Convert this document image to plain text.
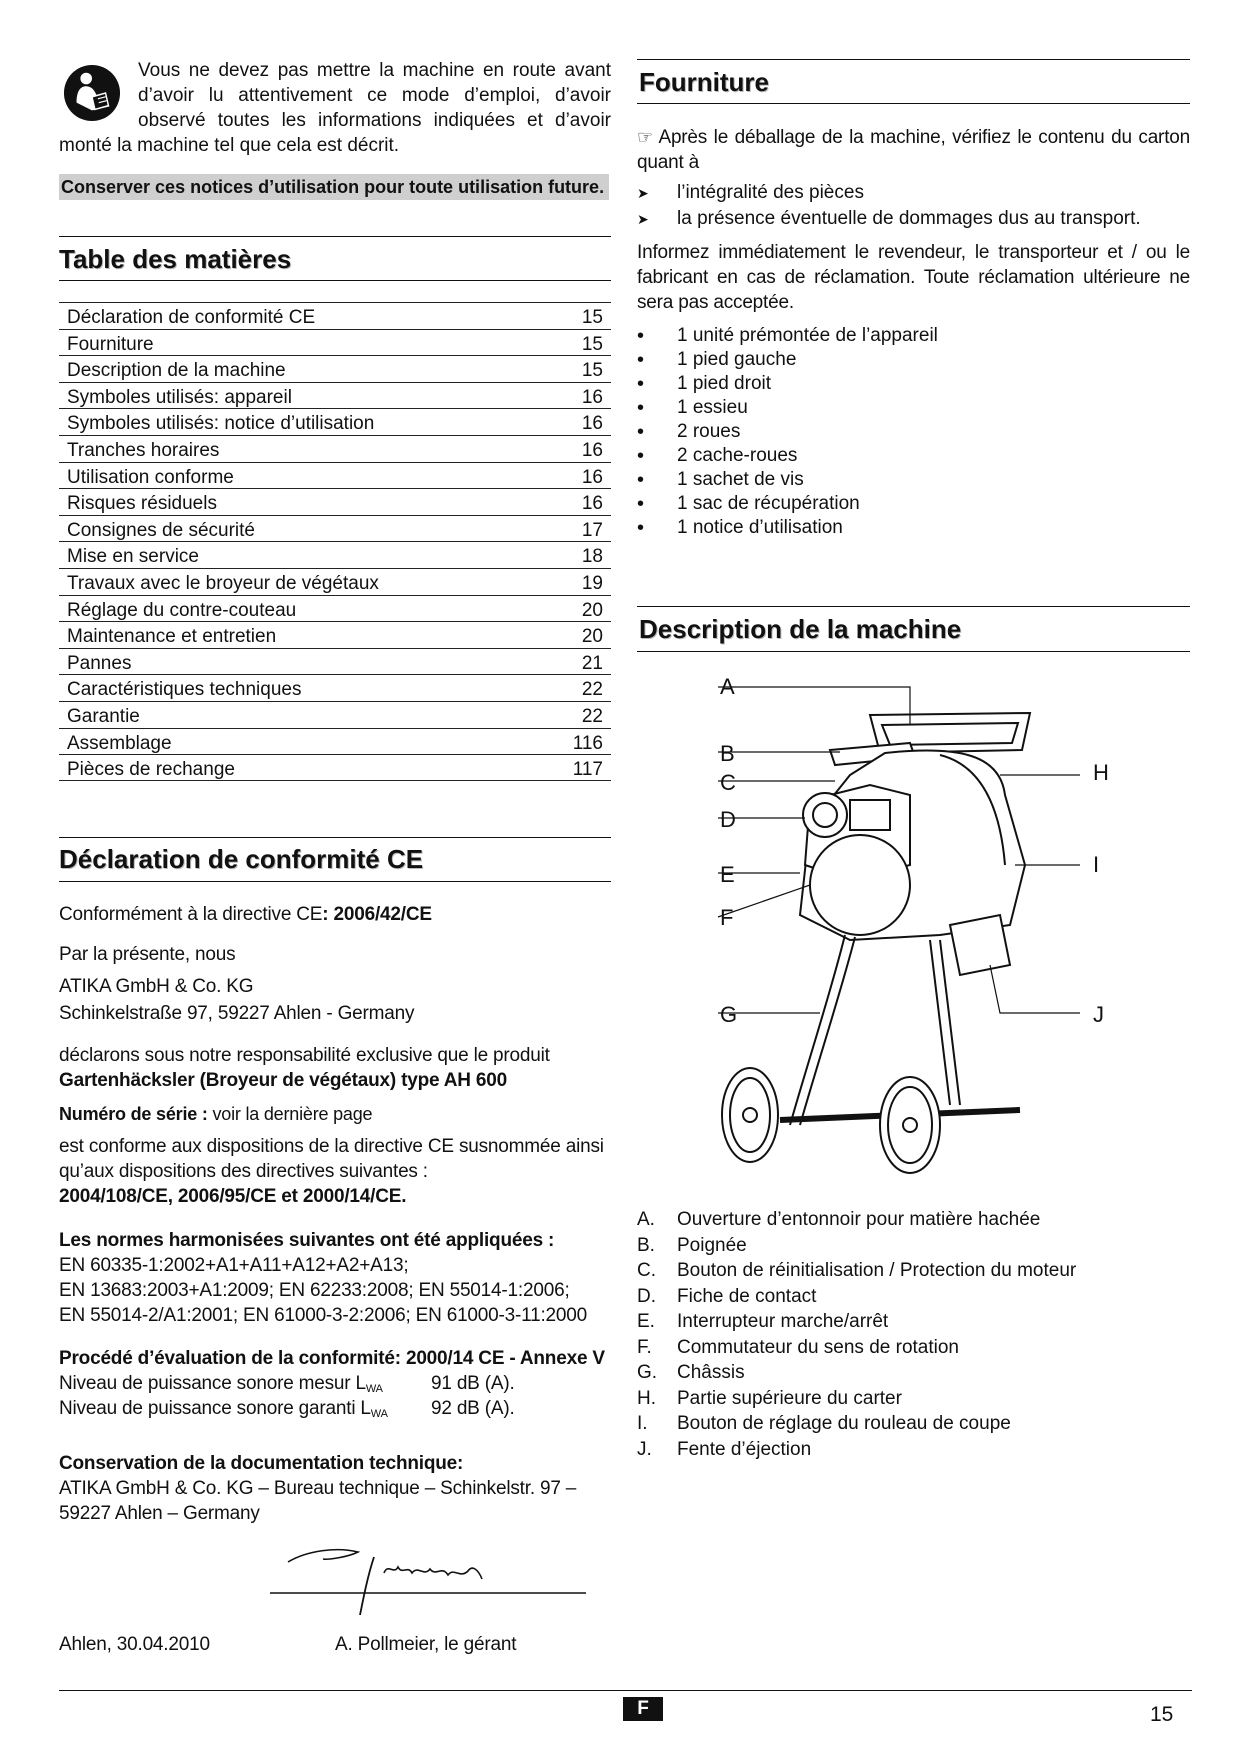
Vous ne devez pas mettre la machine en route avant d’avoir lu attentivement ce mode d’emploi, d’avoir observé toutes les informations indiquées et d’avoir monté la machine tel que cela est décrit.
Conserver ces notices d’utilisation pour toute utilisation future.
Table des matières
Déclaration de conformité CE	15
Fourniture	15
Description de la machine	15
Symboles utilisés: appareil	16
Symboles utilisés: notice d’utilisation	16
Tranches horaires	16
Utilisation conforme	16
Risques résiduels	16
Consignes de sécurité	17
Mise en service	18
Travaux avec le broyeur de végétaux	19
Réglage du contre-couteau	20
Maintenance et entretien	20
Pannes	21
Caractéristiques techniques	22
Garantie	22
Assemblage	116
Pièces de rechange	117
Déclaration de conformité CE
Conformément à la directive CE: 2006/42/CE
Par la présente, nous
ATIKA GmbH & Co. KG
Schinkelstraße 97, 59227 Ahlen - Germany
déclarons sous notre responsabilité exclusive que le produit
Gartenhäcksler (Broyeur de végétaux) type AH 600
Numéro de série : voir la dernière page
est conforme aux dispositions de la directive CE susnommée ainsi qu’aux dispositions des directives suivantes :
2004/108/CE, 2006/95/CE et 2000/14/CE.
Les normes harmonisées suivantes ont été appliquées :
EN 60335-1:2002+A1+A11+A12+A2+A13;
EN 13683:2003+A1:2009; EN 62233:2008; EN 55014-1:2006;
EN 55014-2/A1:2001; EN 61000-3-2:2006; EN 61000-3-11:2000
Procédé d’évaluation de la conformité: 2000/14 CE - Annexe V
Niveau de puissance sonore mesur $L_{WA}$	91 dB (A).
Niveau de puissance sonore garanti $L_{WA}$ 92 dB (A).
Conservation de la documentation technique:
ATIKA GmbH & Co. KG – Bureau technique – Schinkelstr. 97 – 59227 Ahlen – Germany
Ahlen, 30.04.2010	A. Pollmeier, le gérant
Fourniture
☞ Après le déballage de la machine, vérifiez le contenu du carton quant à
➤ l’intégralité des pièces
➤ la présence éventuelle de dommages dus au transport.
Informez immédiatement le revendeur, le transporteur et / ou le fabricant en cas de réclamation. Toute réclamation ultérieure ne sera pas acceptée.
• 1 unité prémontée de l’appareil
• 1 pied gauche
• 1 pied droit
• 1 essieu
• 2 roues
• 2 cache-roues
• 1 sachet de vis
• 1 sac de récupération
• 1 notice d’utilisation
Description de la machine
A
B
C
D
E
F
G
H
I
J
A.	Ouverture d’entonnoir pour matière hachée
B.	Poignée
C.	Bouton de réinitialisation / Protection du moteur
D.	Fiche de contact
E.	Interrupteur marche/arrêt
F.	Commutateur du sens de rotation
G.	Châssis
H.	Partie supérieure du carter
I.	Bouton de réglage du rouleau de coupe
J.	Fente d’éjection
F	15
